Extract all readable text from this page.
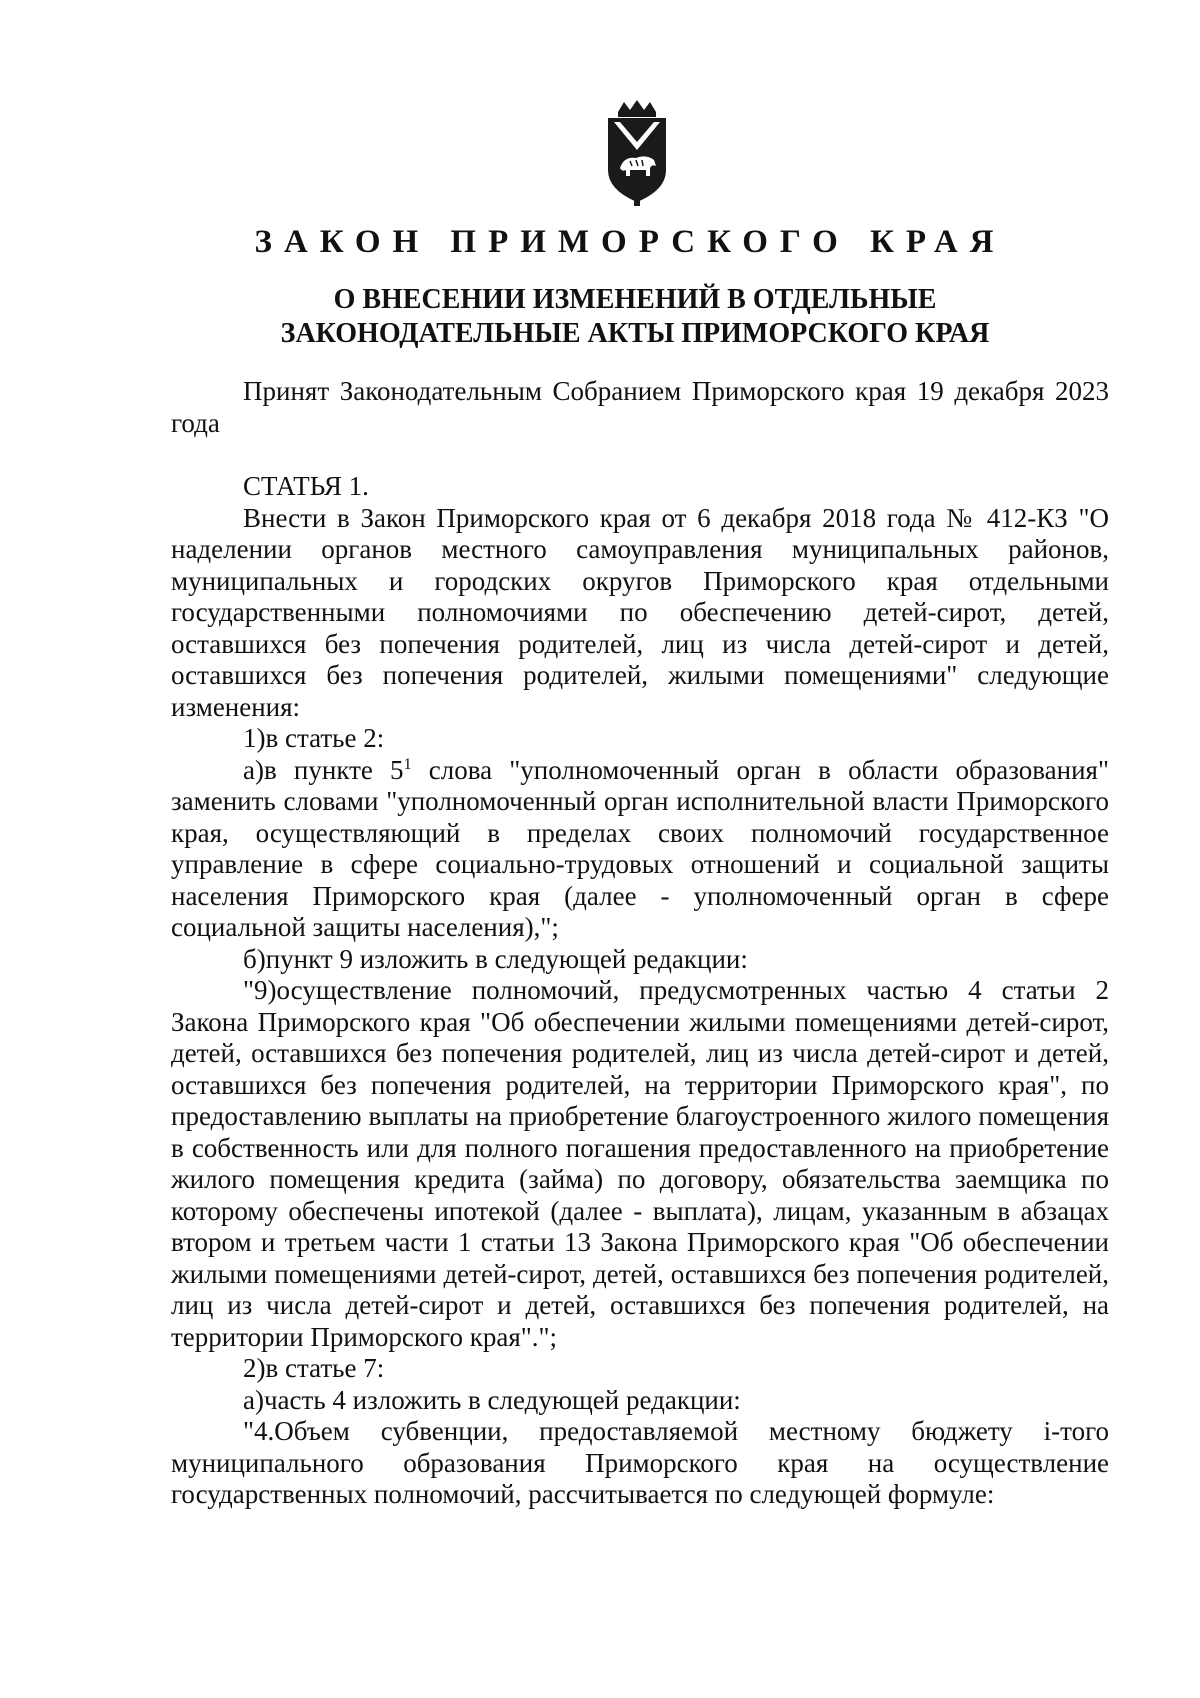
ЗАКОН ПРИМОРСКОГО КРАЯ
О ВНЕСЕНИИ ИЗМЕНЕНИЙ В ОТДЕЛЬНЫЕ
ЗАКОНОДАТЕЛЬНЫЕ АКТЫ ПРИМОРСКОГО КРАЯ

Принят Законодательным Собранием Приморского края 19 декабря 2023 года

СТАТЬЯ 1.

Внести в Закон Приморского края от 6 декабря 2018 года № 412-КЗ "О наделении органов местного самоуправления муниципальных районов, муниципальных и городских округов Приморского края отдельными государственными полномочиями по обеспечению детей-сирот, детей, оставшихся без попечения родителей, лиц из числа детей-сирот и детей, оставшихся без попечения родителей, жилыми помещениями" следующие изменения:

1)в статье 2:

а)в пункте $5^1$ слова "уполномоченный орган в области образования" заменить словами "уполномоченный орган исполнительной власти Приморского края, осуществляющий в пределах своих полномочий государственное управление в сфере социально-трудовых отношений и социальной защиты населения Приморского края (далее - уполномоченный орган в сфере социальной защиты населения),";

б)пункт 9 изложить в следующей редакции:

"9)осуществление полномочий, предусмотренных частью 4 статьи 2 Закона Приморского края "Об обеспечении жилыми помещениями детей-сирот, детей, оставшихся без попечения родителей, лиц из числа детей-сирот и детей, оставшихся без попечения родителей, на территории Приморского края", по предоставлению выплаты на приобретение благоустроенного жилого помещения в собственность или для полного погашения предоставленного на приобретение жилого помещения кредита (займа) по договору, обязательства заемщика по которому обеспечены ипотекой (далее - выплата), лицам, указанным в абзацах втором и третьем части 1 статьи 13 Закона Приморского края "Об обеспечении жилыми помещениями детей-сирот, детей, оставшихся без попечения родителей, лиц из числа детей-сирот и детей, оставшихся без попечения родителей, на территории Приморского края".";

2)в статье 7:

а)часть 4 изложить в следующей редакции:

"4.Объем субвенции, предоставляемой местному бюджету i-того муниципального образования Приморского края на осуществление государственных полномочий, рассчитывается по следующей формуле:
